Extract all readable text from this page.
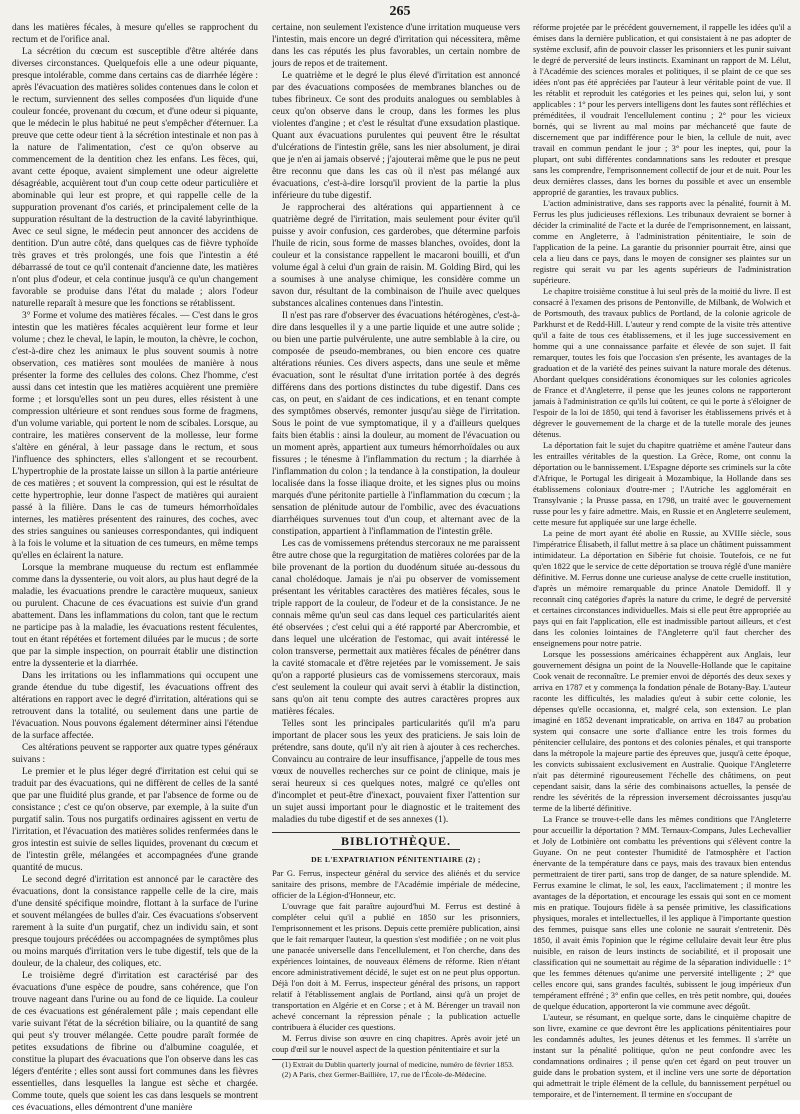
265

dans les matières fécales, à mesure qu'elles se rapprochent du rectum et de l'orifice anal.

La sécrétion du cœcum est susceptible d'être altérée dans diverses circonstances. Quelquefois elle a une odeur piquante, presque intolérable, comme dans certains cas de diarrhée légère : après l'évacuation des matières solides contenues dans le colon et le rectum, surviennent des selles composées d'un liquide d'une couleur foncée, provenant du cœcum, et d'une odeur si piquante, que le médecin le plus habitué ne peut s'empêcher d'éternuer. La preuve que cette odeur tient à la sécrétion intestinale et non pas à la nature de l'alimentation, c'est ce qu'on observe au commencement de la dentition chez les enfans. Les fèces, qui, avant cette époque, avaient simplement une odeur aigrelette désagréable, acquièrent tout d'un coup cette odeur particulière et abominable qui leur est propre, et qui rappelle celle de la suppuration provenant d'os cariés, et principalement celle de la suppuration résultant de la destruction de la cavité labyrinthique. Avec ce seul signe, le médecin peut annoncer des accidens de dentition. D'un autre côté, dans quelques cas de fièvre typhoïde très graves et très prolongés, une fois que l'intestin a été débarrassé de tout ce qu'il contenait d'ancienne date, les matières n'ont plus d'odeur, et cela continue jusqu'à ce qu'un changement favorable se produise dans l'état du malade ; alors l'odeur naturelle reparaît à mesure que les fonctions se rétablissent.

3° Forme et volume des matières fécales. — C'est dans le gros intestin que les matières fécales acquièrent leur forme et leur volume ; chez le cheval, le lapin, le mouton, la chèvre, le cochon, c'est-à-dire chez les animaux le plus souvent soumis à notre observation, ces matières sont moulées de manière à nous présenter la forme des cellules des colons. Chez l'homme, c'est aussi dans cet intestin que les matières acquièrent une première forme ; et lorsqu'elles sont un peu dures, elles résistent à une compression ultérieure et sont rendues sous forme de fragmens, d'un volume variable, qui portent le nom de scibales. Lorsque, au contraire, les matières conservent de la mollesse, leur forme s'altère en général, à leur passage dans le rectum, et sous l'influence des sphincters, elles s'allongent et se recourbent. L'hypertrophie de la prostate laisse un sillon à la partie antérieure de ces matières ; et souvent la compression, qui est le résultat de cette hypertrophie, leur donne l'aspect de matières qui auraient passé à la filière. Dans le cas de tumeurs hémorrhoïdales internes, les matières présentent des rainures, des coches, avec des stries sanguines ou sanieuses correspondantes, qui indiquent à la fois le volume et la situation de ces tumeurs, en même temps qu'elles en éclairent la nature.

Lorsque la membrane muqueuse du rectum est enflammée comme dans la dyssenterie, ou voit alors, au plus haut degré de la maladie, les évacuations prendre le caractère muqueux, sanieux ou purulent. Chacune de ces évacuations est suivie d'un grand abattement. Dans les inflammations du colon, tant que le rectum ne participe pas à la maladie, les évacuations restent féculentes, tout en étant répétées et fortement diluées par le mucus ; de sorte que par la simple inspection, on pourrait établir une distinction entre la dyssenterie et la diarrhée.

Dans les irritations ou les inflammations qui occupent une grande étendue du tube digestif, les évacuations offrent des altérations en rapport avec le degré d'irritation, altérations qui se retrouvent dans la totalité, ou seulement dans une partie de l'évacuation. Nous pouvons également déterminer ainsi l'étendue de la surface affectée.

Ces altérations peuvent se rapporter aux quatre types généraux suivans :

Le premier et le plus léger degré d'irritation est celui qui se traduit par des évacuations, qui ne diffèrent de celles de la santé que par une fluidité plus grande, et par l'absence de forme ou de consistance ; c'est ce qu'on observe, par exemple, à la suite d'un purgatif salin. Tous nos purgatifs ordinaires agissent en vertu de l'irritation, et l'évacuation des matières solides renfermées dans le gros intestin est suivie de selles liquides, provenant du cœcum et de l'intestin grêle, mélangées et accompagnées d'une grande quantité de mucus.

Le second degré d'irritation est annoncé par le caractère des évacuations, dont la consistance rappelle celle de la cire, mais d'une densité spécifique moindre, flottant à la surface de l'urine et souvent mélangées de bulles d'air. Ces évacuations s'observent rarement à la suite d'un purgatif, chez un individu sain, et sont presque toujours précédées ou accompagnées de symptômes plus ou moins marqués d'irritation vers le tube digestif, tels que de la douleur, de la chaleur, des coliques, etc.

Le troisième degré d'irritation est caractérisé par des évacuations d'une espèce de poudre, sans cohérence, que l'on trouve nageant dans l'urine ou au fond de ce liquide. La couleur de ces évacuations est généralement pâle ; mais cependant elle varie suivant l'état de la sécrétion biliaire, ou la quantité de sang qui peut s'y trouver mélangée. Cette poudre paraît formée de petites exsudations de fibrine ou d'albumine coagulée, et constitue la plupart des évacuations que l'on observe dans les cas légers d'entérite ; elles sont aussi fort communes dans les fièvres essentielles, dans lesquelles la langue est sèche et chargée. Comme toute, quels que soient les cas dans lesquels se montrent ces évacuations, elles démontrent d'une manière

certaine, non seulement l'existence d'une irritation muqueuse vers l'intestin, mais encore un degré d'irritation qui nécessitera, même dans les cas réputés les plus favorables, un certain nombre de jours de repos et de traitement.

Le quatrième et le degré le plus élevé d'irritation est annoncé par des évacuations composées de membranes blanches ou de tubes fibrineux. Ce sont des produits analogues ou semblables à ceux qu'on observe dans le croup, dans les formes les plus violentes d'angine ; et c'est le résultat d'une exsudation plastique. Quant aux évacuations purulentes qui peuvent être le résultat d'ulcérations de l'intestin grêle, sans les nier absolument, je dirai que je n'en ai jamais observé ; j'ajouterai même que le pus ne peut être reconnu que dans les cas où il n'est pas mélangé aux évacuations, c'est-à-dire lorsqu'il provient de la partie la plus inférieure du tube digestif.

Je rapprocherai des altérations qui appartiennent à ce quatrième degré de l'irritation, mais seulement pour éviter qu'il puisse y avoir confusion, ces garderobes, que détermine parfois l'huile de ricin, sous forme de masses blanches, ovoïdes, dont la couleur et la consistance rappellent le macaroni bouilli, et d'un volume égal à celui d'un grain de raisin. M. Golding Bird, qui les a soumises à une analyse chimique, les considère comme un savon dur, résultant de la combinaison de l'huile avec quelques substances alcalines contenues dans l'intestin.

Il n'est pas rare d'observer des évacuations hétérogènes, c'est-à-dire dans lesquelles il y a une partie liquide et une autre solide ; ou bien une partie pulvérulente, une autre semblable à la cire, ou composée de pseudo-membranes, ou bien encore ces quatre altérations réunies. Ces divers aspects, dans une seule et même évacuation, sont le résultat d'une irritation portée à des degrés différens dans des portions distinctes du tube digestif. Dans ces cas, on peut, en s'aidant de ces indications, et en tenant compte des symptômes observés, remonter jusqu'au siège de l'irritation. Sous le point de vue symptomatique, il y a d'ailleurs quelques faits bien établis : ainsi la douleur, au moment de l'évacuation ou un moment après, appartient aux tumeurs hémorrhoïdales ou aux fissures ; le ténesme à l'inflammation du rectum ; la diarrhée à l'inflammation du colon ; la tendance à la constipation, la douleur localisée dans la fosse iliaque droite, et les signes plus ou moins marqués d'une péritonite partielle à l'inflammation du cœcum ; la sensation de plénitude autour de l'ombilic, avec des évacuations diarrhéiques survenues tout d'un coup, et alternant avec de la constipation, appartient à l'inflammation de l'intestin grêle.

Les cas de vomissemens prétendus stercoraux ne me paraissent être autre chose que la regurgitation de matières colorées par de la bile provenant de la portion du duodénum située au-dessous du canal cholédoque. Jamais je n'ai pu observer de vomissement présentant les véritables caractères des matières fécales, sous le triple rapport de la couleur, de l'odeur et de la consistance. Je ne connais même qu'un seul cas dans lequel ces particularités aient été observées ; c'est celui qui a été rapporté par Abercrombie, et dans lequel une ulcération de l'estomac, qui avait intéressé le colon transverse, permettait aux matières fécales de pénétrer dans la cavité stomacale et d'être rejetées par le vomissement. Je sais qu'on a rapporté plusieurs cas de vomissemens stercoraux, mais c'est seulement la couleur qui avait servi à établir la distinction, sans qu'on ait tenu compte des autres caractères propres aux matières fécales.

Telles sont les principales particularités qu'il m'a paru important de placer sous les yeux des praticiens. Je sais loin de prétendre, sans doute, qu'il n'y ait rien à ajouter à ces recherches. Convaincu au contraire de leur insuffisance, j'appelle de tous mes vœux de nouvelles recherches sur ce point de clinique, mais je serai heureux si ces quelques notes, malgré ce qu'elles ont d'incomplet et peut-être d'inexact, pouvaient fixer l'attention sur un sujet aussi important pour le diagnostic et le traitement des maladies du tube digestif et de ses annexes (1).

BIBLIOTHÈQUE.
DE L'EXPATRIATION PÉNITENTIAIRE (2) ;

Par G. Ferrus, inspecteur général du service des aliénés et du service sanitaire des prisons, membre de l'Académie impériale de médecine, officier de la Légion-d'Honneur, etc.

L'ouvrage que fait paraître aujourd'hui M. Ferrus est destiné à compléter celui qu'il a publié en 1850 sur les prisonniers, l'emprisonnement et les prisons. Depuis cette première publication, ainsi que le fait remarquer l'auteur, la question s'est modifiée ; on ne voit plus une panacée universelle dans l'encellulement, et l'on cherche, dans des expériences lointaines, de nouveaux élémens de réforme. Rien n'étant encore administrativement décidé, le sujet est on ne peut plus opportun. Déjà l'on doit à M. Ferrus, inspecteur général des prisons, un rapport relatif à l'établissement anglais de Portland, ainsi qu'à un projet de transportation en Algérie et en Corse ; et à M. Bérenger un travail non achevé concernant la répression pénale ; la publication actuelle contribuera à élucider ces questions.

M. Ferrus divise son œuvre en cinq chapitres. Après avoir jeté un coup d'œil sur le nouvel aspect de la question pénitentiaire et sur la

(1) Extrait du Dublin quarterly journal of medicine, numéro de février 1853.

(2) A Paris, chez Germer-Baillière, 17, rue de l'École-de-Médecine.

réforme projetée par le précédent gouvernement, il rappelle les idées qu'il a émises dans la dernière publication, et qui consistaient à ne pas adopter de système exclusif, afin de pouvoir classer les prisonniers et les punir suivant le degré de perversité de leurs instincts. Examinant un rapport de M. Lélut, à l'Académie des sciences morales et politiques, il se plaint de ce que ses idées n'ont pas été appréciées par l'auteur à leur véritable point de vue. Il les rétablit et reproduit les catégories et les peines qui, selon lui, y sont applicables : 1° pour les pervers intelligens dont les fautes sont réfléchies et préméditées, il voudrait l'encellulement continu ; 2° pour les vicieux bornés, qui se livrent au mal moins par méchanceté que faute de discernement que par indifférence pour le bien, la cellule de nuit, avec travail en commun pendant le jour ; 3° pour les ineptes, qui, pour la plupart, ont subi différentes condamnations sans les redouter et presque sans les comprendre, l'emprisonnement collectif de jour et de nuit. Pour les deux dernières classes, dans les bornes du possible et avec un ensemble approprié de garanties, les travaux publics.

L'action administrative, dans ses rapports avec la pénalité, fournit à M. Ferrus les plus judicieuses réflexions. Les tribunaux devraient se borner à décider la criminalité de l'acte et la durée de l'emprisonnement, en laissant, comme en Angleterre, à l'administration pénitentiaire, le soin de l'application de la peine. La garantie du prisonnier pourrait être, ainsi que cela a lieu dans ce pays, dans le moyen de consigner ses plaintes sur un registre qui serait vu par les agents supérieurs de l'administration supérieure.

Le chapitre troisième constitue à lui seul près de la moitié du livre. Il est consacré à l'examen des prisons de Pentonville, de Milbank, de Wolwich et de Portsmouth, des travaux publics de Portland, de la colonie agricole de Parkhurst et de Redd-Hill. L'auteur y rend compte de la visite très attentive qu'il a faite de tous ces établissemens, et il les juge successivement en homme qui a une connaissance parfaite et élevée de son sujet. Il fait remarquer, toutes les fois que l'occasion s'en présente, les avantages de la graduation et de la variété des peines suivant la nature morale des détenus. Abordant quelques considérations économiques sur les colonies agricoles de France et d'Angleterre, il pense que les jeunes colons ne rapporteront jamais à l'administration ce qu'ils lui coûtent, ce qui le porte à s'éloigner de l'espoir de la loi de 1850, qui tend à favoriser les établissemens privés et à dégrever le gouvernement de la charge et de la tutelle morale des jeunes détenus.

La déportation fait le sujet du chapitre quatrième et amène l'auteur dans les entrailles véritables de la question. La Grèce, Rome, ont connu la déportation ou le bannissement. L'Espagne déporte ses criminels sur la côte d'Afrique, le Portugal les dirigeait à Mozambique, la Hollande dans ses établissemens coloniaux d'outre-mer ; l'Autriche les agglomérait en Transylvanie ; la Prusse passa, en 1798, un traité avec le gouvernement russe pour les y faire admettre. Mais, en Russie et en Angleterre seulement, cette mesure fut appliquée sur une large échelle.

La peine de mort ayant été abolie en Russie, au XVIIIe siècle, sous l'impératrice Élisabeth, il fallut mettre à sa place un châtiment puissamment intimidateur. La déportation en Sibérie fut choisie. Toutefois, ce ne fut qu'en 1822 que le service de cette déportation se trouva réglé d'une manière définitive. M. Ferrus donne une curieuse analyse de cette cruelle institution, d'après un mémoire remarquable du prince Anatole Demidoff. Il y reconnaît cinq catégories d'après la nature du crime, le degré de perversité et certaines circonstances individuelles. Mais si elle peut être appropriée au pays qui en fait l'application, elle est inadmissible partout ailleurs, et c'est dans les colonies lointaines de l'Angleterre qu'il faut chercher des enseignemens pour notre patrie.

Lorsque les possessions américaines échappèrent aux Anglais, leur gouvernement désigna un point de la Nouvelle-Hollande que le capitaine Cook venait de reconnaître. Le premier envoi de déportés des deux sexes y arriva en 1787 et y commença la fondation pénale de Botany-Bay. L'auteur raconte les difficultés, les maladies qu'eut à subir cette colonie, les dépenses qu'elle occasionna, et, malgré cela, son extension. Le plan imaginé en 1852 devenant impraticable, on arriva en 1847 au probation system qui consacre une sorte d'alliance entre les trois formes du pénitencier cellulaire, des pontons et des colonies pénales, et qui transporte dans la métropole la majeure partie des épreuves que, jusqu'à cette époque, les convicts subissaient exclusivement en Australie. Quoique l'Angleterre n'ait pas déterminé rigoureusement l'échelle des châtimens, on peut cependant saisir, dans la série des combinaisons actuelles, la pensée de rendre les sévérités de la répression inversement décroissantes jusqu'au terme de la liberté définitive.

La France se trouve-t-elle dans les mêmes conditions que l'Angleterre pour accueillir la déportation ? MM. Ternaux-Compans, Jules Lechevallier et Joly de Lotbinière ont combattu les préventions qui s'élèvent contre la Guyane. On ne peut contester l'humidité de l'atmosphère et l'action énervante de la température dans ce pays, mais des travaux bien entendus permettraient de tirer parti, sans trop de danger, de sa nature splendide. M. Ferrus examine le climat, le sol, les eaux, l'acclimatement ; il montre les avantages de la déportation, et encourage les essais qui sont en ce moment mis en pratique. Toujours fidèle à sa pensée primitive, les classifications physiques, morales et intellectuelles, il les applique à l'importante question des femmes, puisque sans elles une colonie ne saurait s'entretenir. Dès 1850, il avait émis l'opinion que le régime cellulaire devait leur être plus nuisible, en raison de leurs instincts de sociabilité, et il proposait une classification qui ne soumettait au régime de la séparation individuelle : 1° que les femmes détenues qu'anime une perversité intelligente ; 2° que celles encore qui, sans grandes facultés, subissent le joug impérieux d'un tempérament effréné ; 3° enfin que celles, en très petit nombre, qui, douées de quelque éducation, apporteront la vie commune avec dégoût.

L'auteur, se résumant, en quelque sorte, dans le cinquième chapitre de son livre, examine ce que devront être les applications pénitentiaires pour les condamnés adultes, les jeunes détenus et les femmes. Il s'arrête un instant sur la pénalité politique, qu'on ne peut confondre avec les condamnations ordinaires ; il pense qu'en cet égard on peut trouver un guide dans le probation system, et il incline vers une sorte de déportation qui admettrait le triple élément de la cellule, du bannissement perpétuel ou temporaire, et de l'internement. Il termine en s'occupant de
